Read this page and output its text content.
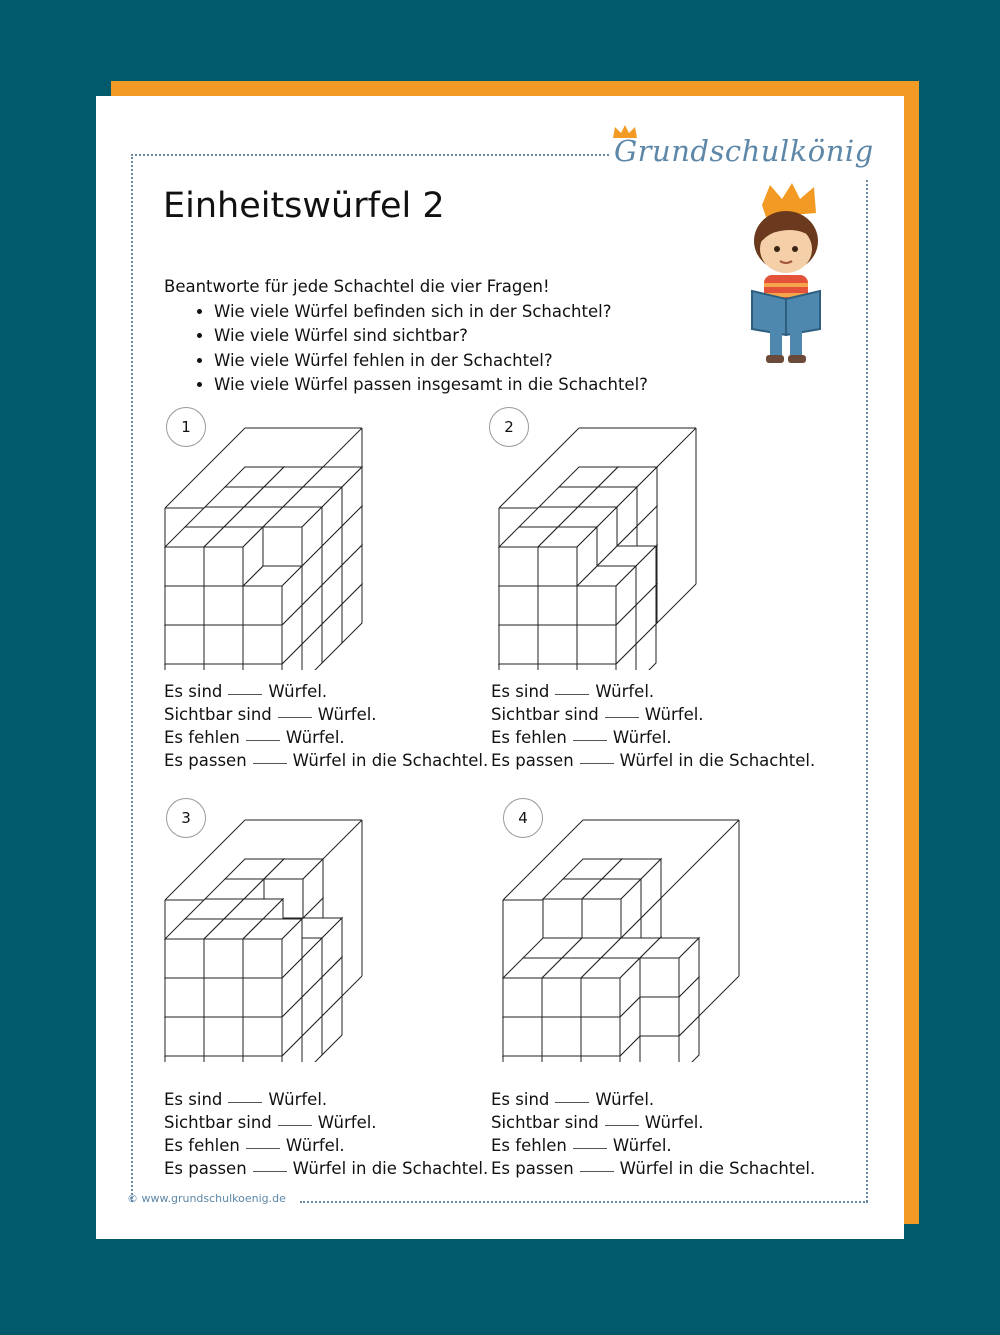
Grundschulkönig
Einheitswürfel 2
Beantworte für jede Schachtel die vier Fragen!
• Wie viele Würfel befinden sich in der Schachtel?
• Wie viele Würfel sind sichtbar?
• Wie viele Würfel fehlen in der Schachtel?
• Wie viele Würfel passen insgesamt in die Schachtel?
1
Es sind	Würfel.
Sichtbar sind	Würfel.
Es fehlen	Würfel.
Es passen	Würfel in die Schachtel.
2
Es sind	Würfel.
Sichtbar sind	Würfel.
Es fehlen	Würfel.
Es passen	Würfel in die Schachtel.
3
Es sind	Würfel.
Sichtbar sind	Würfel.
Es fehlen	Würfel.
Es passen	Würfel in die Schachtel.
4
Es sind	Würfel.
Sichtbar sind	Würfel.
Es fehlen	Würfel.
Es passen	Würfel in die Schachtel.
© www.grundschulkoenig.de
